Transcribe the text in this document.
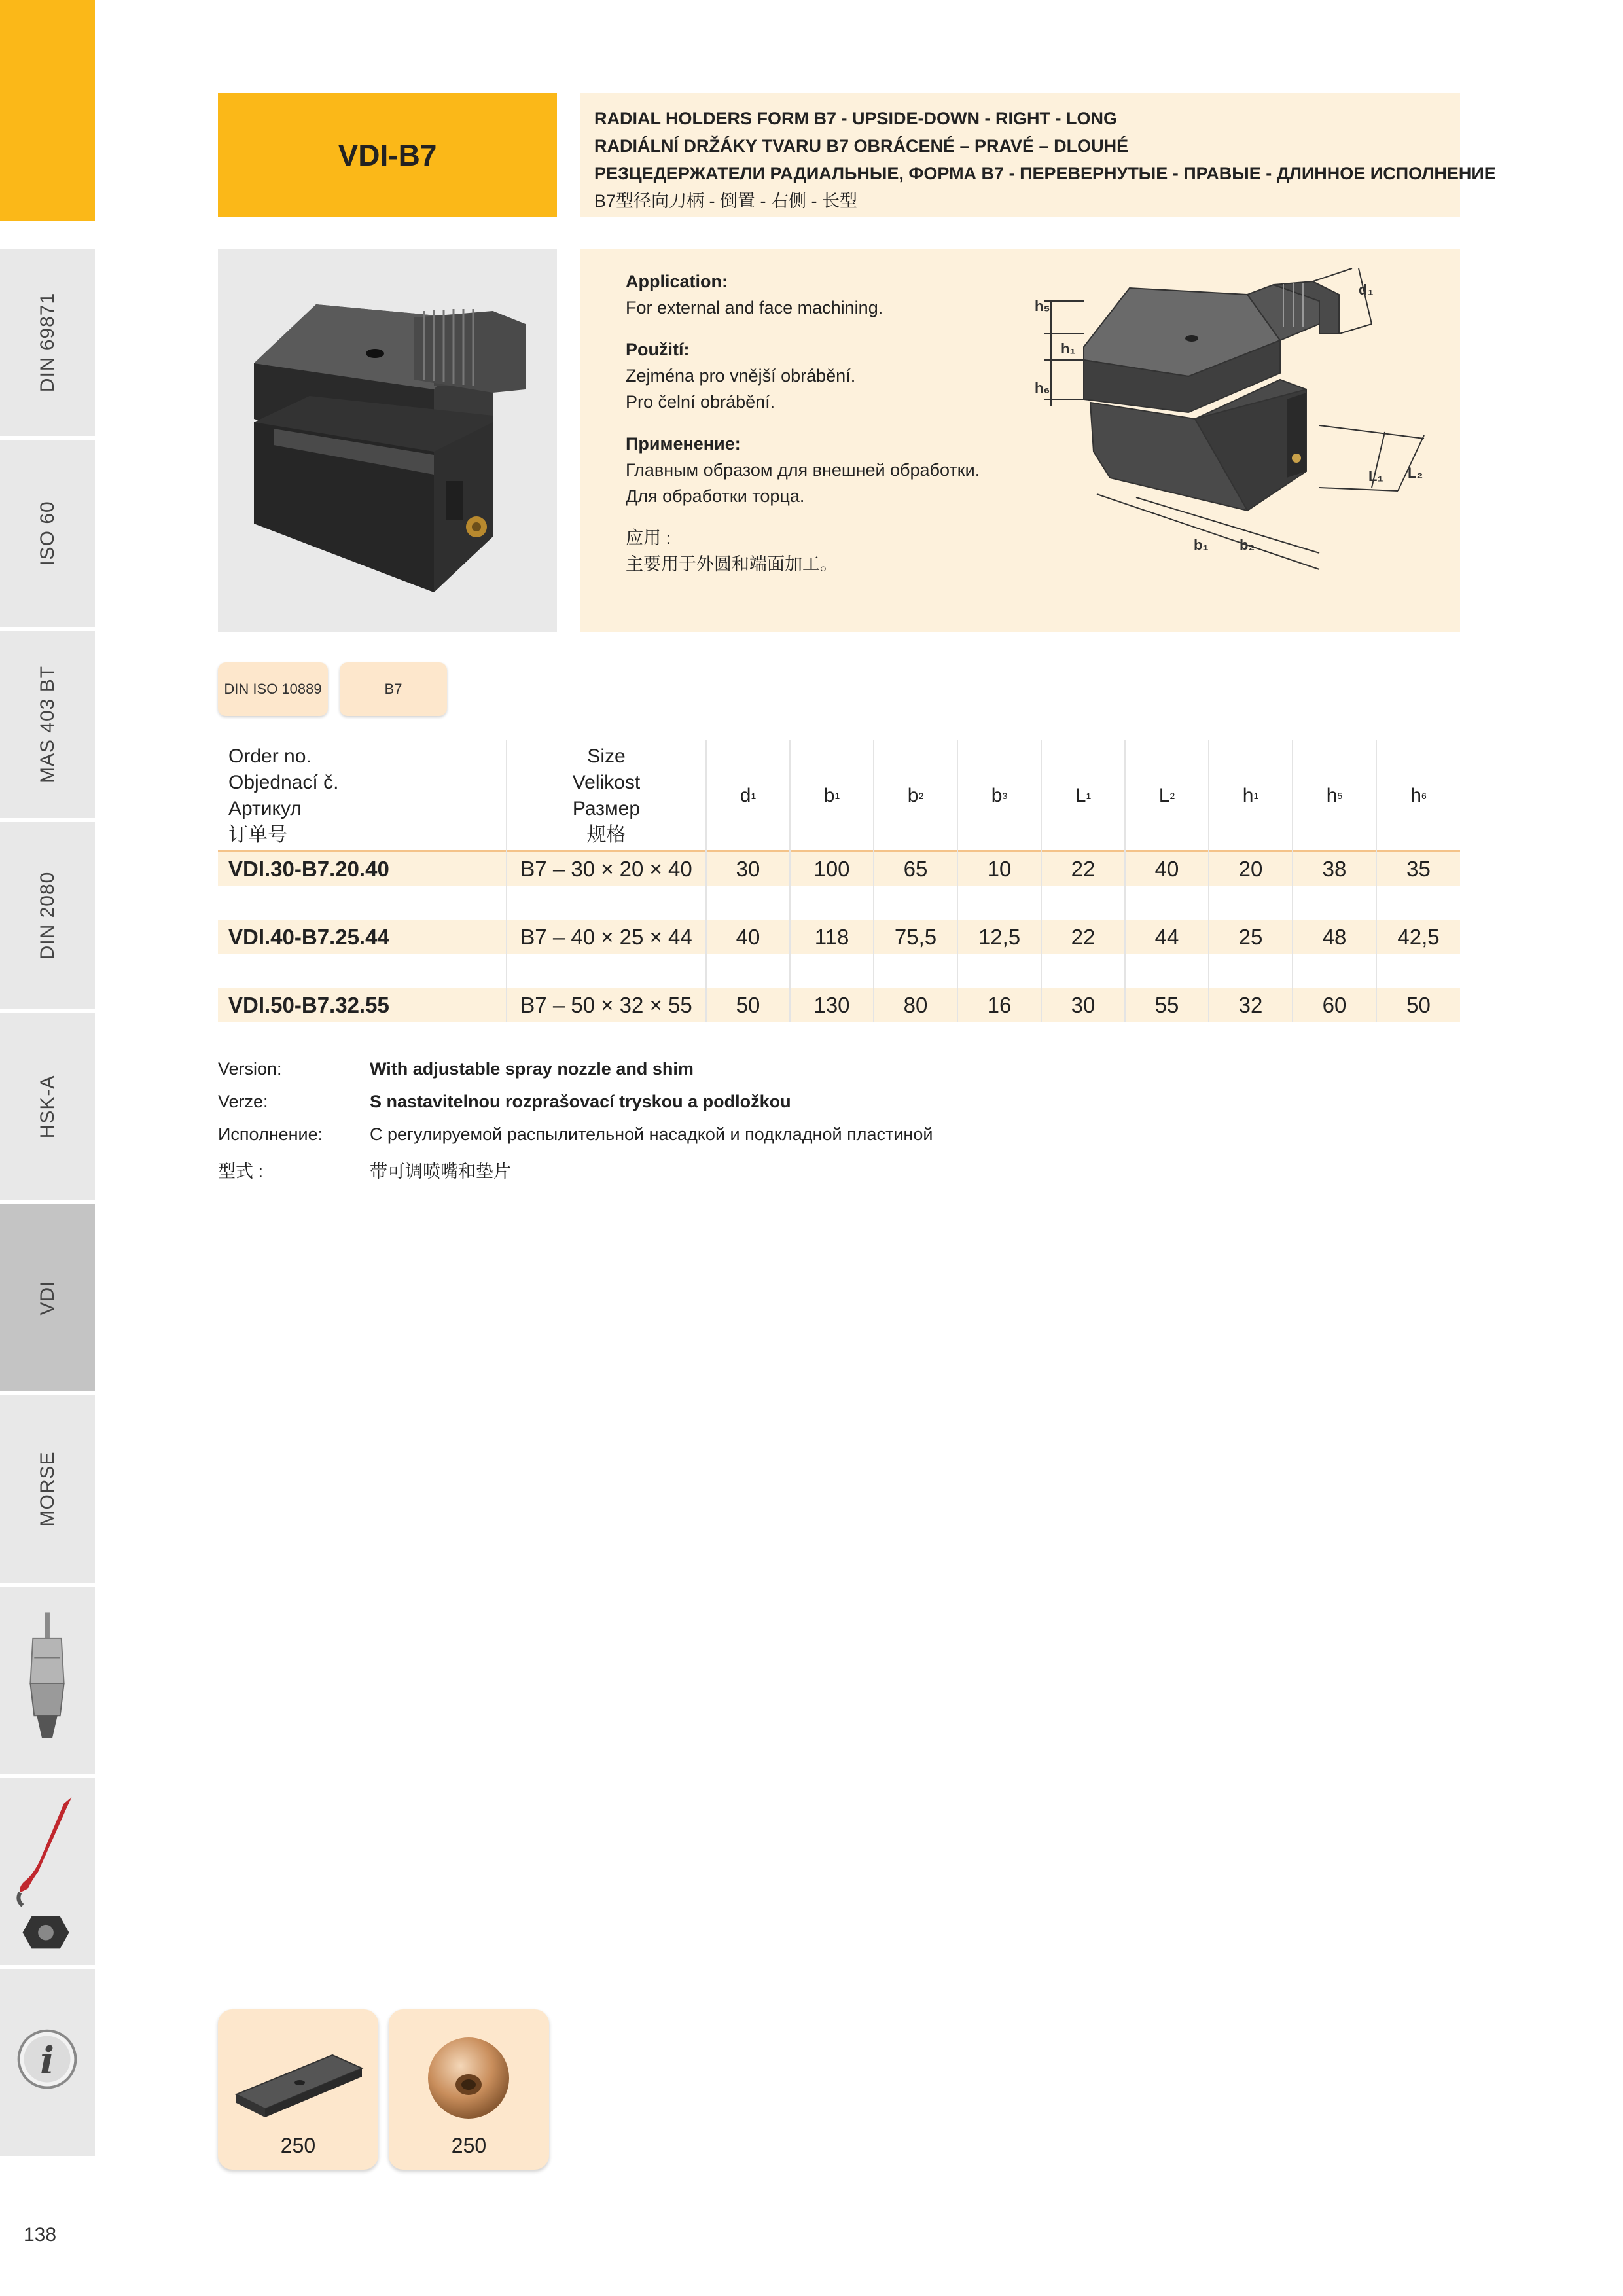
DIN 69871
ISO 60
MAS 403 BT
DIN 2080
HSK-A
VDI
MORSE
i
138
VDI-B7
RADIAL HOLDERS FORM B7 - UPSIDE-DOWN - RIGHT - LONG
RADIÁLNÍ DRŽÁKY TVARU B7 OBRÁCENÉ – PRAVÉ – DLOUHÉ
РЕЗЦЕДЕРЖАТЕЛИ РАДИАЛЬНЫЕ, ФОРМА В7 - ПЕРЕВЕРНУТЫЕ - ПРАВЫЕ - ДЛИННОЕ ИСПОЛНЕНИЕ
B7型径向刀柄 - 倒置 - 右侧 - 长型
Application:
For external and face machining.
Použití:
Zejména pro vnější obrábění.
Pro čelní obrábění.
Применение:
Главным образом для внешней обработки.
Для обработки торца.
应用 :
主要用于外圆和端面加工。
h₅
h₁
h₆
d₁
b₁ b₂
L₁ L₂
DIN ISO 10889	B7
Order no.
Objednací č.
Артикул
订单号
Size
Velikost
Размер
规格
d 1	b 1	b 2	b 3	L 1	L 2	h 1	h 5	h 6
VDI.30-B7.20.40	B7 – 30 × 20 × 40	30	100	65	10	22	40	20	38	35
VDI.40-B7.25.44	B7 – 40 × 25 × 44	40	118	75,5	12,5	22	44	25	48	42,5
VDI.50-B7.32.55	B7 – 50 × 32 × 55	50	130	80	16	30	55	32	60	50
Version:	With adjustable spray nozzle and shim
Verze:	S nastavitelnou rozprašovací tryskou a podložkou
Исполнение:	С регулируемой распылительной насадкой и подкладной пластиной
型式 :	带可调喷嘴和垫片
250	250
